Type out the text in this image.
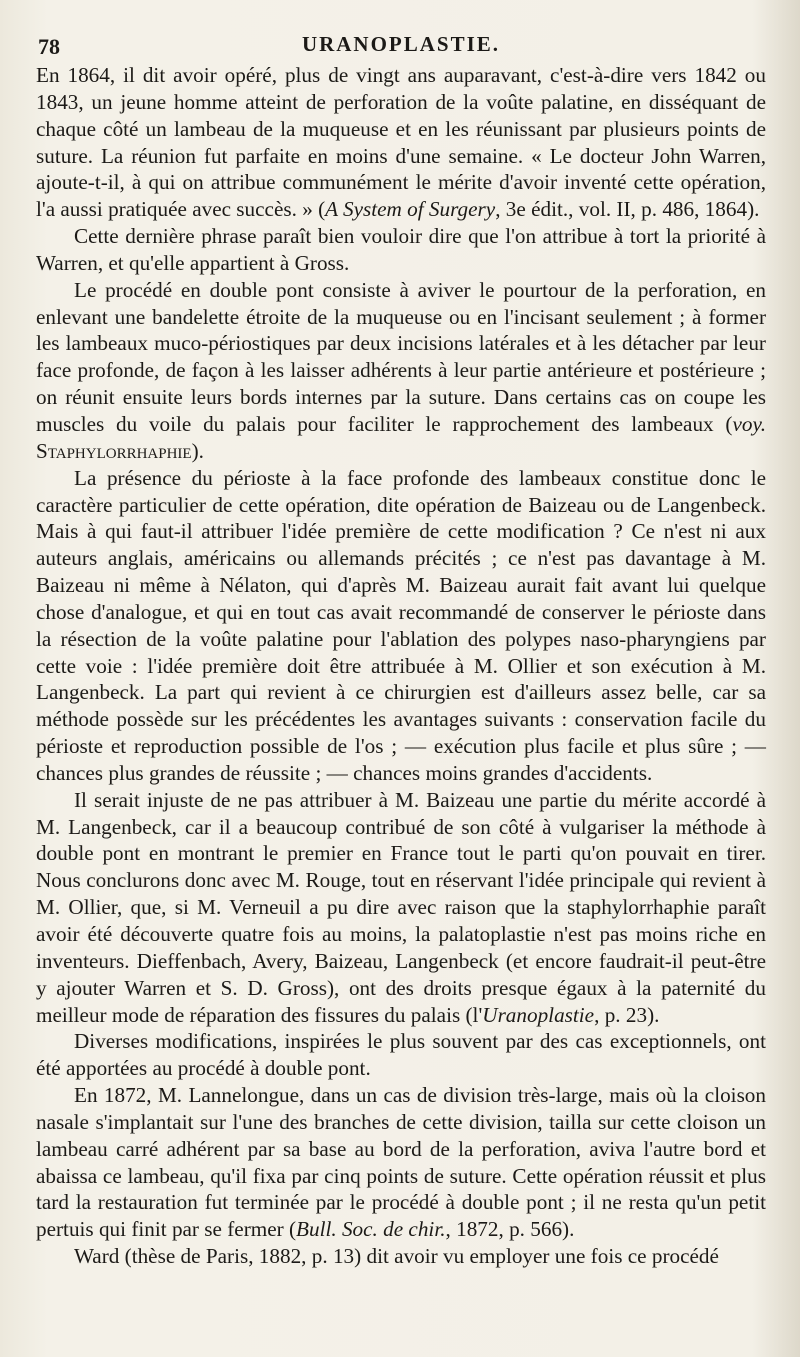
78	URANOPLASTIE.

En 1864, il dit avoir opéré, plus de vingt ans auparavant, c'est-à-dire vers 1842 ou 1843, un jeune homme atteint de perforation de la voûte palatine, en disséquant de chaque côté un lambeau de la muqueuse et en les réunissant par plusieurs points de suture. La réunion fut parfaite en moins d'une semaine. « Le docteur John Warren, ajoute-t-il, à qui on attribue communément le mérite d'avoir inventé cette opération, l'a aussi pratiquée avec succès. » (A System of Surgery, 3e édit., vol. II, p. 486, 1864).

Cette dernière phrase paraît bien vouloir dire que l'on attribue à tort la priorité à Warren, et qu'elle appartient à Gross.

Le procédé en double pont consiste à aviver le pourtour de la perforation, en enlevant une bandelette étroite de la muqueuse ou en l'incisant seulement ; à former les lambeaux muco-périostiques par deux incisions latérales et à les détacher par leur face profonde, de façon à les laisser adhérents à leur partie antérieure et postérieure ; on réunit ensuite leurs bords internes par la suture. Dans certains cas on coupe les muscles du voile du palais pour faciliter le rapprochement des lambeaux (voy. Staphylorrhaphie).

La présence du périoste à la face profonde des lambeaux constitue donc le caractère particulier de cette opération, dite opération de Baizeau ou de Langenbeck. Mais à qui faut-il attribuer l'idée première de cette modification ? Ce n'est ni aux auteurs anglais, américains ou allemands précités ; ce n'est pas davantage à M. Baizeau ni même à Nélaton, qui d'après M. Baizeau aurait fait avant lui quelque chose d'analogue, et qui en tout cas avait recommandé de conserver le périoste dans la résection de la voûte palatine pour l'ablation des polypes naso-pharyngiens par cette voie : l'idée première doit être attribuée à M. Ollier et son exécution à M. Langenbeck. La part qui revient à ce chirurgien est d'ailleurs assez belle, car sa méthode possède sur les précédentes les avantages suivants : conservation facile du périoste et reproduction possible de l'os ; — exécution plus facile et plus sûre ; — chances plus grandes de réussite ; — chances moins grandes d'accidents.

Il serait injuste de ne pas attribuer à M. Baizeau une partie du mérite accordé à M. Langenbeck, car il a beaucoup contribué de son côté à vulgariser la méthode à double pont en montrant le premier en France tout le parti qu'on pouvait en tirer. Nous conclurons donc avec M. Rouge, tout en réservant l'idée principale qui revient à M. Ollier, que, si M. Verneuil a pu dire avec raison que la staphylorrhaphie paraît avoir été découverte quatre fois au moins, la palatoplastie n'est pas moins riche en inventeurs. Dieffenbach, Avery, Baizeau, Langenbeck (et encore faudrait-il peut-être y ajouter Warren et S. D. Gross), ont des droits presque égaux à la paternité du meilleur mode de réparation des fissures du palais (l'Uranoplastie, p. 23).

Diverses modifications, inspirées le plus souvent par des cas exceptionnels, ont été apportées au procédé à double pont.

En 1872, M. Lannelongue, dans un cas de division très-large, mais où la cloison nasale s'implantait sur l'une des branches de cette division, tailla sur cette cloison un lambeau carré adhérent par sa base au bord de la perforation, aviva l'autre bord et abaissa ce lambeau, qu'il fixa par cinq points de suture. Cette opération réussit et plus tard la restauration fut terminée par le procédé à double pont ; il ne resta qu'un petit pertuis qui finit par se fermer (Bull. Soc. de chir., 1872, p. 566).

Ward (thèse de Paris, 1882, p. 13) dit avoir vu employer une fois ce procédé
